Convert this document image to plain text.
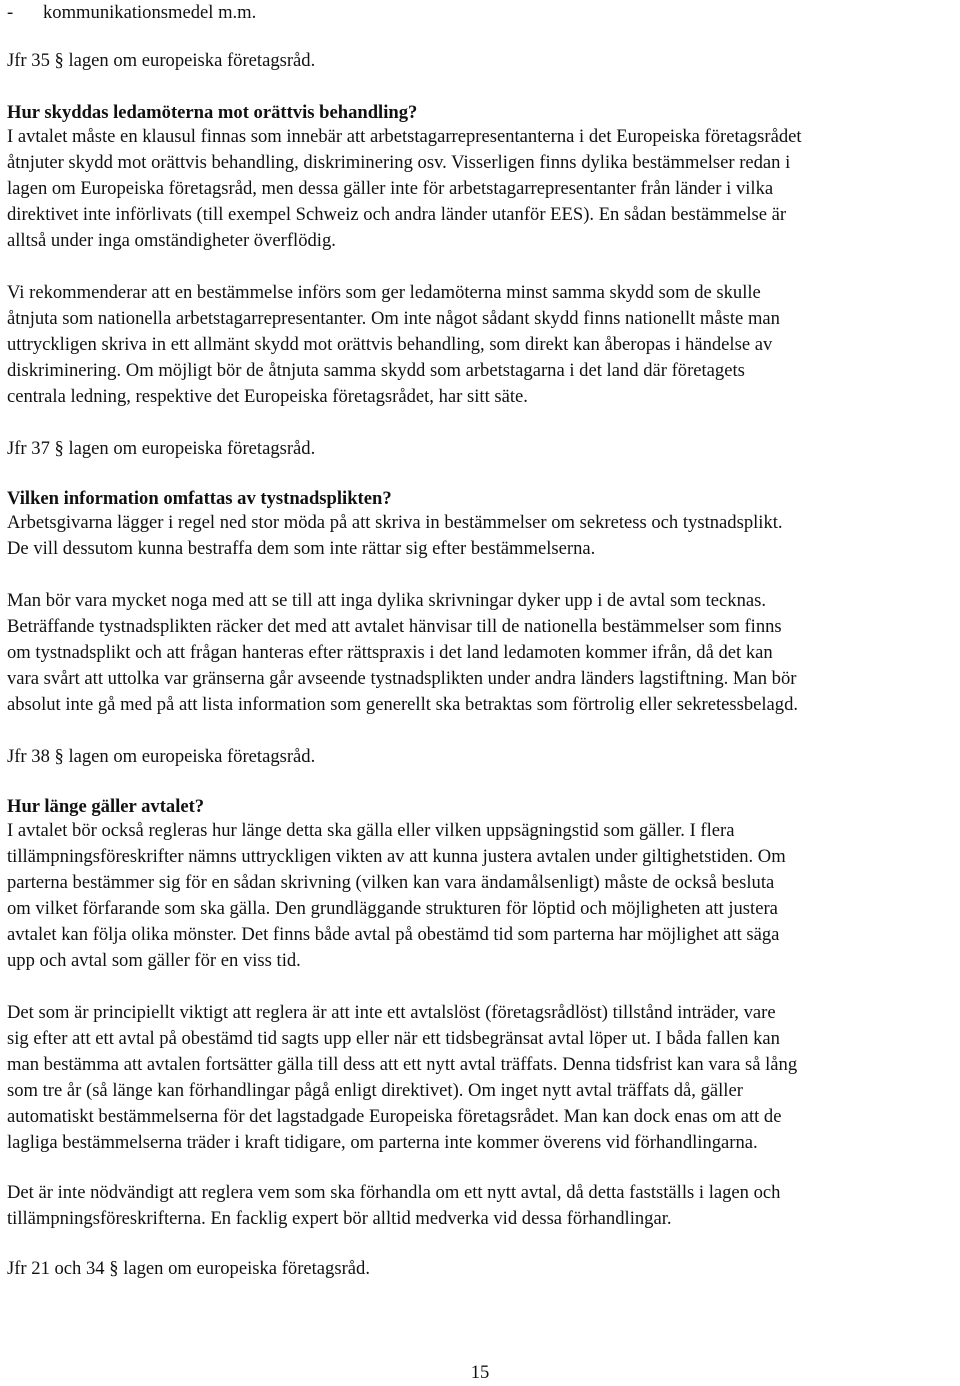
- kommunikationsmedel m.m.
Jfr 35 § lagen om europeiska företagsråd.
Hur skyddas ledamöterna mot orättvis behandling?
I avtalet måste en klausul finnas som innebär att arbetstagarrepresentanterna i det Europeiska företagsrådet
åtnjuter skydd mot orättvis behandling, diskriminering osv. Visserligen finns dylika bestämmelser redan i
lagen om Europeiska företagsråd, men dessa gäller inte för arbetstagarrepresentanter från länder i vilka
direktivet inte införlivats (till exempel Schweiz och andra länder utanför EES). En sådan bestämmelse är
alltså under inga omständigheter överflödig.
Vi rekommenderar att en bestämmelse införs som ger ledamöterna minst samma skydd som de skulle
åtnjuta som nationella arbetstagarrepresentanter. Om inte något sådant skydd finns nationellt måste man
uttryckligen skriva in ett allmänt skydd mot orättvis behandling, som direkt kan åberopas i händelse av
diskriminering. Om möjligt bör de åtnjuta samma skydd som arbetstagarna i det land där företagets
centrala ledning, respektive det Europeiska företagsrådet, har sitt säte.
Jfr 37 § lagen om europeiska företagsråd.
Vilken information omfattas av tystnadsplikten?
Arbetsgivarna lägger i regel ned stor möda på att skriva in bestämmelser om sekretess och tystnadsplikt.
De vill dessutom kunna bestraffa dem som inte rättar sig efter bestämmelserna.
Man bör vara mycket noga med att se till att inga dylika skrivningar dyker upp i de avtal som tecknas.
Beträffande tystnadsplikten räcker det med att avtalet hänvisar till de nationella bestämmelser som finns
om tystnadsplikt och att frågan hanteras efter rättspraxis i det land ledamoten kommer ifrån, då det kan
vara svårt att uttolka var gränserna går avseende tystnadsplikten under andra länders lagstiftning. Man bör
absolut inte gå med på att lista information som generellt ska betraktas som förtrolig eller sekretessbelagd.
Jfr 38 § lagen om europeiska företagsråd.
Hur länge gäller avtalet?
I avtalet bör också regleras hur länge detta ska gälla eller vilken uppsägningstid som gäller. I flera
tillämpningsföreskrifter nämns uttryckligen vikten av att kunna justera avtalen under giltighetstiden. Om
parterna bestämmer sig för en sådan skrivning (vilken kan vara ändamålsenligt) måste de också besluta
om vilket förfarande som ska gälla. Den grundläggande strukturen för löptid och möjligheten att justera
avtalet kan följa olika mönster. Det finns både avtal på obestämd tid som parterna har möjlighet att säga
upp och avtal som gäller för en viss tid.
Det som är principiellt viktigt att reglera är att inte ett avtalslöst (företagsrådlöst) tillstånd inträder, vare
sig efter att ett avtal på obestämd tid sagts upp eller när ett tidsbegränsat avtal löper ut. I båda fallen kan
man bestämma att avtalen fortsätter gälla till dess att ett nytt avtal träffats. Denna tidsfrist kan vara så lång
som tre år (så länge kan förhandlingar pågå enligt direktivet). Om inget nytt avtal träffats då, gäller
automatiskt bestämmelserna för det lagstadgade Europeiska företagsrådet. Man kan dock enas om att de
lagliga bestämmelserna träder i kraft tidigare, om parterna inte kommer överens vid förhandlingarna.
Det är inte nödvändigt att reglera vem som ska förhandla om ett nytt avtal, då detta fastställs i lagen och
tillämpningsföreskrifterna. En facklig expert bör alltid medverka vid dessa förhandlingar.
Jfr 21 och 34 § lagen om europeiska företagsråd.
15
